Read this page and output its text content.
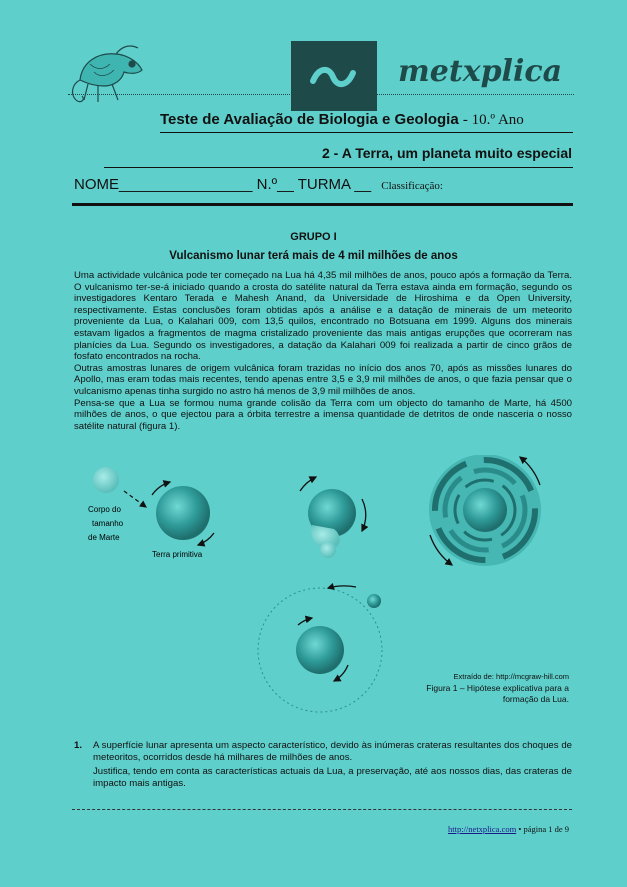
metxplica
Teste de Avaliação de Biologia e Geologia - 10.º Ano
2 - A Terra, um planeta muito especial
NOME________________ N.º__ TURMA __ Classificação:
GRUPO I
Vulcanismo lunar terá mais de 4 mil milhões de anos

Uma actividade vulcânica pode ter começado na Lua há 4,35 mil milhões de anos, pouco após a formação da Terra. O vulcanismo ter-se-á iniciado quando a crosta do satélite natural da Terra estava ainda em formação, segundo os investigadores Kentaro Terada e Mahesh Anand, da Universidade de Hiroshima e da Open University, respectivamente. Estas conclusões foram obtidas após a análise e a datação de minerais de um meteorito proveniente da Lua, o Kalahari 009, com 13,5 quilos, encontrado no Botsuana em 1999. Alguns dos minerais estavam ligados a fragmentos de magma cristalizado proveniente das mais antigas erupções que ocorreram nas planícies da Lua. Segundo os investigadores, a datação da Kalahari 009 foi realizada a partir de cinco grãos de fosfato encontrados na rocha.

Outras amostras lunares de origem vulcânica foram trazidas no início dos anos 70, após as missões lunares do Apollo, mas eram todas mais recentes, tendo apenas entre 3,5 e 3,9 mil milhões de anos, o que fazia pensar que o vulcanismo apenas tinha surgido no astro há menos de 3,9 mil milhões de anos.

Pensa-se que a Lua se formou numa grande colisão da Terra com um objecto do tamanho de Marte, há 4500 milhões de anos, o que ejectou para a órbita terrestre a imensa quantidade de detritos de onde nasceria o nosso satélite natural (figura 1).

Corpo do
tamanho
de Marte
Terra primitiva
Extraído de: http://mcgraw-hill.com
Figura 1 – Hipótese explicativa para a
formação da Lua.
1. A superfície lunar apresenta um aspecto característico, devido às inúmeras crateras resultantes dos choques de meteoritos, ocorridos desde há milhares de milhões de anos.

Justifica, tendo em conta as características actuais da Lua, a preservação, até aos nossos dias, das crateras de impacto mais antigas.

http://netxplica.com • página 1 de 9
